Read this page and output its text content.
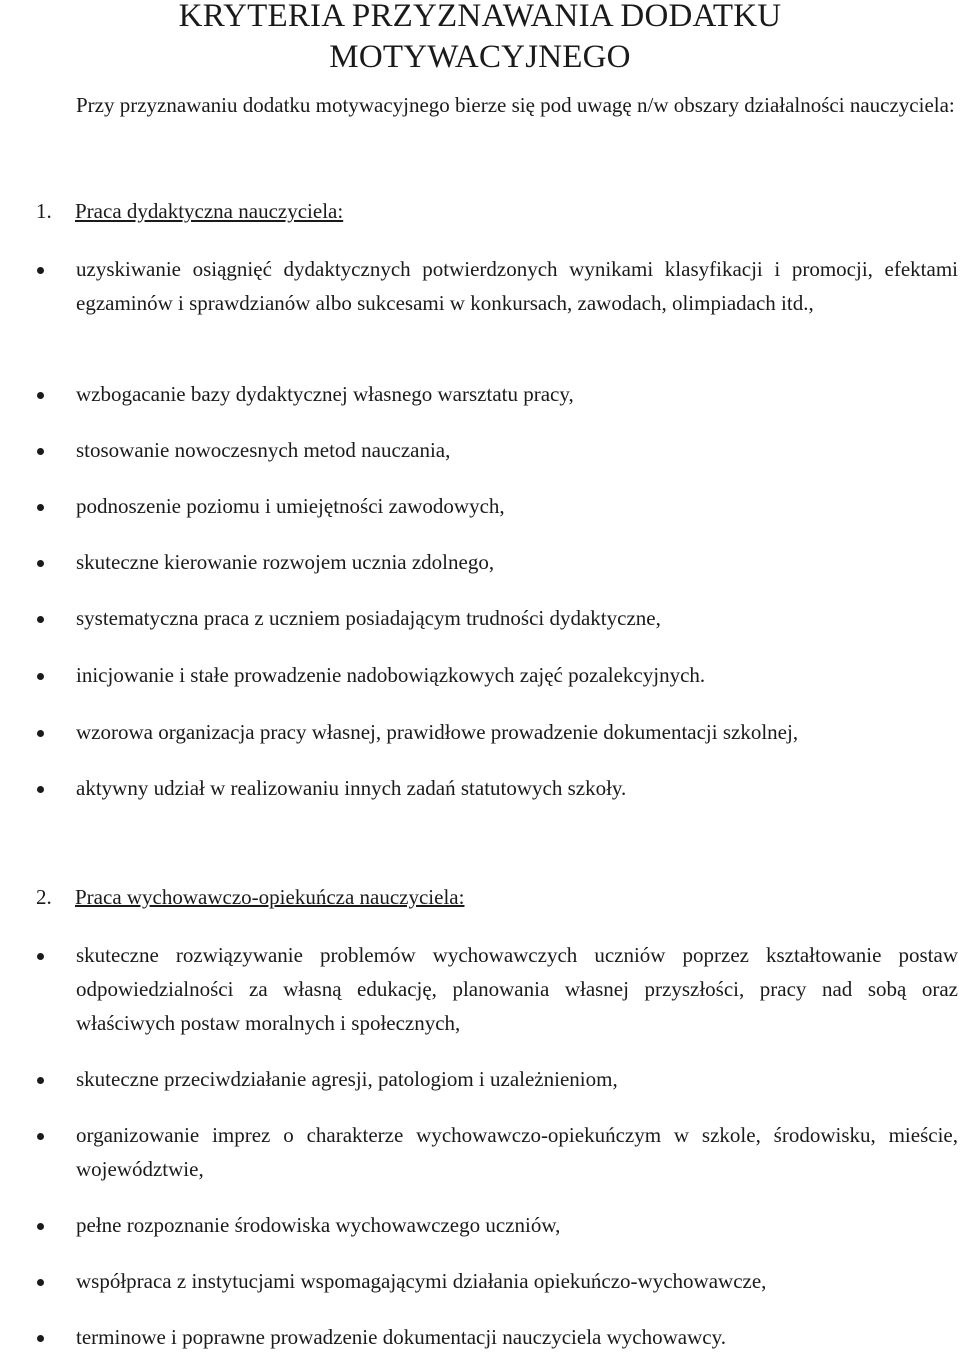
KRYTERIA PRZYZNAWANIA DODATKU
MOTYWACYJNEGO

Przy przyznawaniu dodatku motywacyjnego bierze się pod uwagę n/w obszary działalności nauczyciela:

1. Praca dydaktyczna nauczyciela:
uzyskiwanie osiągnięć dydaktycznych potwierdzonych wynikami klasyfikacji i promocji, efektami egzaminów i sprawdzianów albo sukcesami w konkursach, zawodach, olimpiadach itd.,
wzbogacanie bazy dydaktycznej własnego warsztatu pracy,
stosowanie nowoczesnych metod nauczania,
podnoszenie poziomu i umiejętności zawodowych,
skuteczne kierowanie rozwojem ucznia zdolnego,
systematyczna praca z uczniem posiadającym trudności dydaktyczne,
inicjowanie i stałe prowadzenie nadobowiązkowych zajęć pozalekcyjnych.
wzorowa organizacja pracy własnej, prawidłowe prowadzenie dokumentacji szkolnej,
aktywny udział w realizowaniu innych zadań statutowych szkoły.
2. Praca wychowawczo-opiekuńcza nauczyciela:
skuteczne rozwiązywanie problemów wychowawczych uczniów poprzez kształtowanie postaw odpowiedzialności za własną edukację, planowania własnej przyszłości, pracy nad sobą oraz właściwych postaw moralnych i społecznych,
skuteczne przeciwdziałanie agresji, patologiom i uzależnieniom,
organizowanie imprez o charakterze wychowawczo-opiekuńczym w szkole, środowisku, mieście, województwie,
pełne rozpoznanie środowiska wychowawczego uczniów,
współpraca z instytucjami wspomagającymi działania opiekuńczo-wychowawcze,
terminowe i poprawne prowadzenie dokumentacji nauczyciela wychowawcy.
